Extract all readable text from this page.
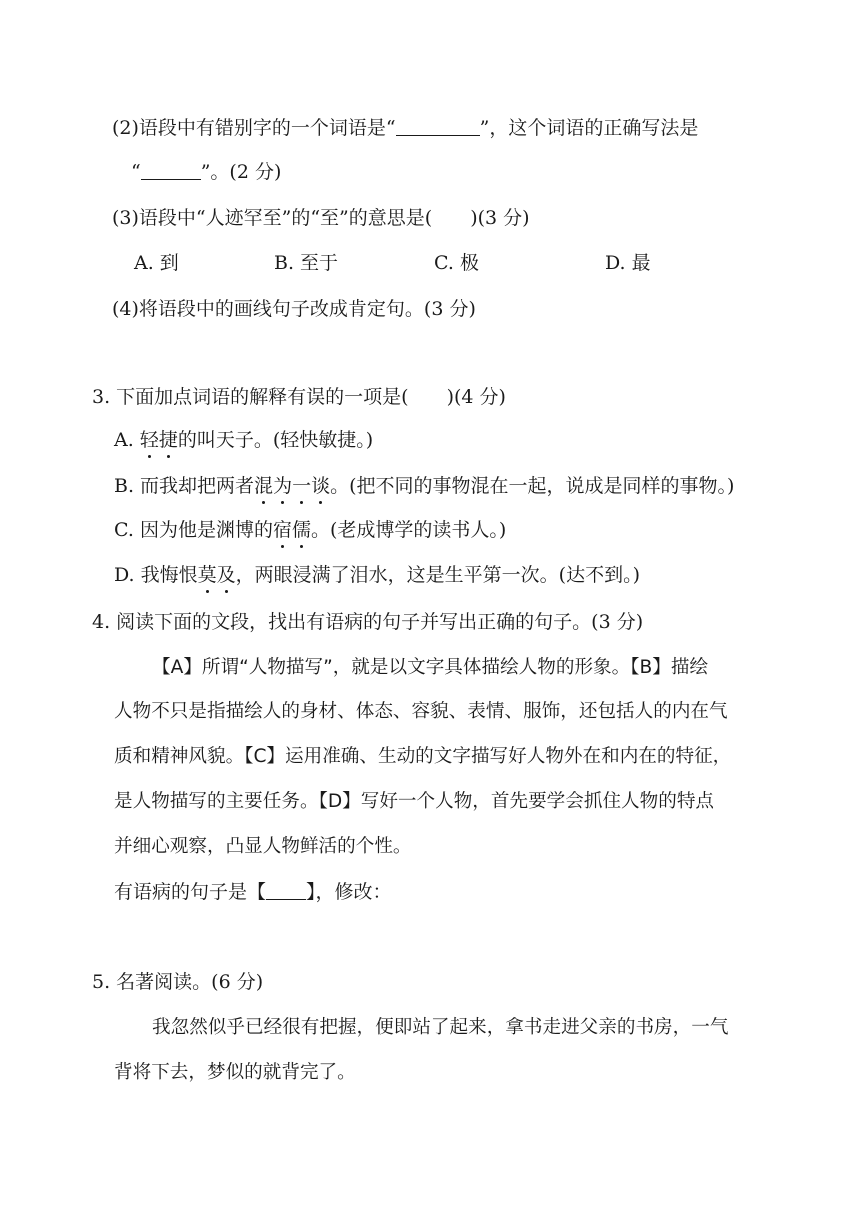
(2)语段中有错别字的一个词语是“	”，这个词语的正确写法是
“	”。(2 分)
(3)语段中“人迹罕至”的“至”的意思是( )(3 分)
A. 到	B. 至于	C. 极	D. 最
(4)将语段中的画线句子改成肯定句。(3 分)
3. 下面加点词语的解释有误的一项是( )(4 分)
A. 轻捷的叫天子。(轻快敏捷。)
B. 而我却把两者混为一谈。(把不同的事物混在一起，说成是同样的事物。)
C. 因为他是渊博的宿儒。(老成博学的读书人。)
D. 我悔恨莫及，两眼浸满了泪水，这是生平第一次。(达不到。)
4. 阅读下面的文段，找出有语病的句子并写出正确的句子。(3 分)
【A】所谓“人物描写”，就是以文字具体描绘人物的形象。【B】描绘
人物不只是指描绘人的身材、体态、容貌、表情、服饰，还包括人的内在气
质和精神风貌。【C】运用准确、生动的文字描写好人物外在和内在的特征，
是人物描写的主要任务。【D】写好一个人物，首先要学会抓住人物的特点
并细心观察，凸显人物鲜活的个性。
有语病的句子是【 】，修改：
5. 名著阅读。(6 分)
我忽然似乎已经很有把握，便即站了起来，拿书走进父亲的书房，一气
背将下去，梦似的就背完了。
